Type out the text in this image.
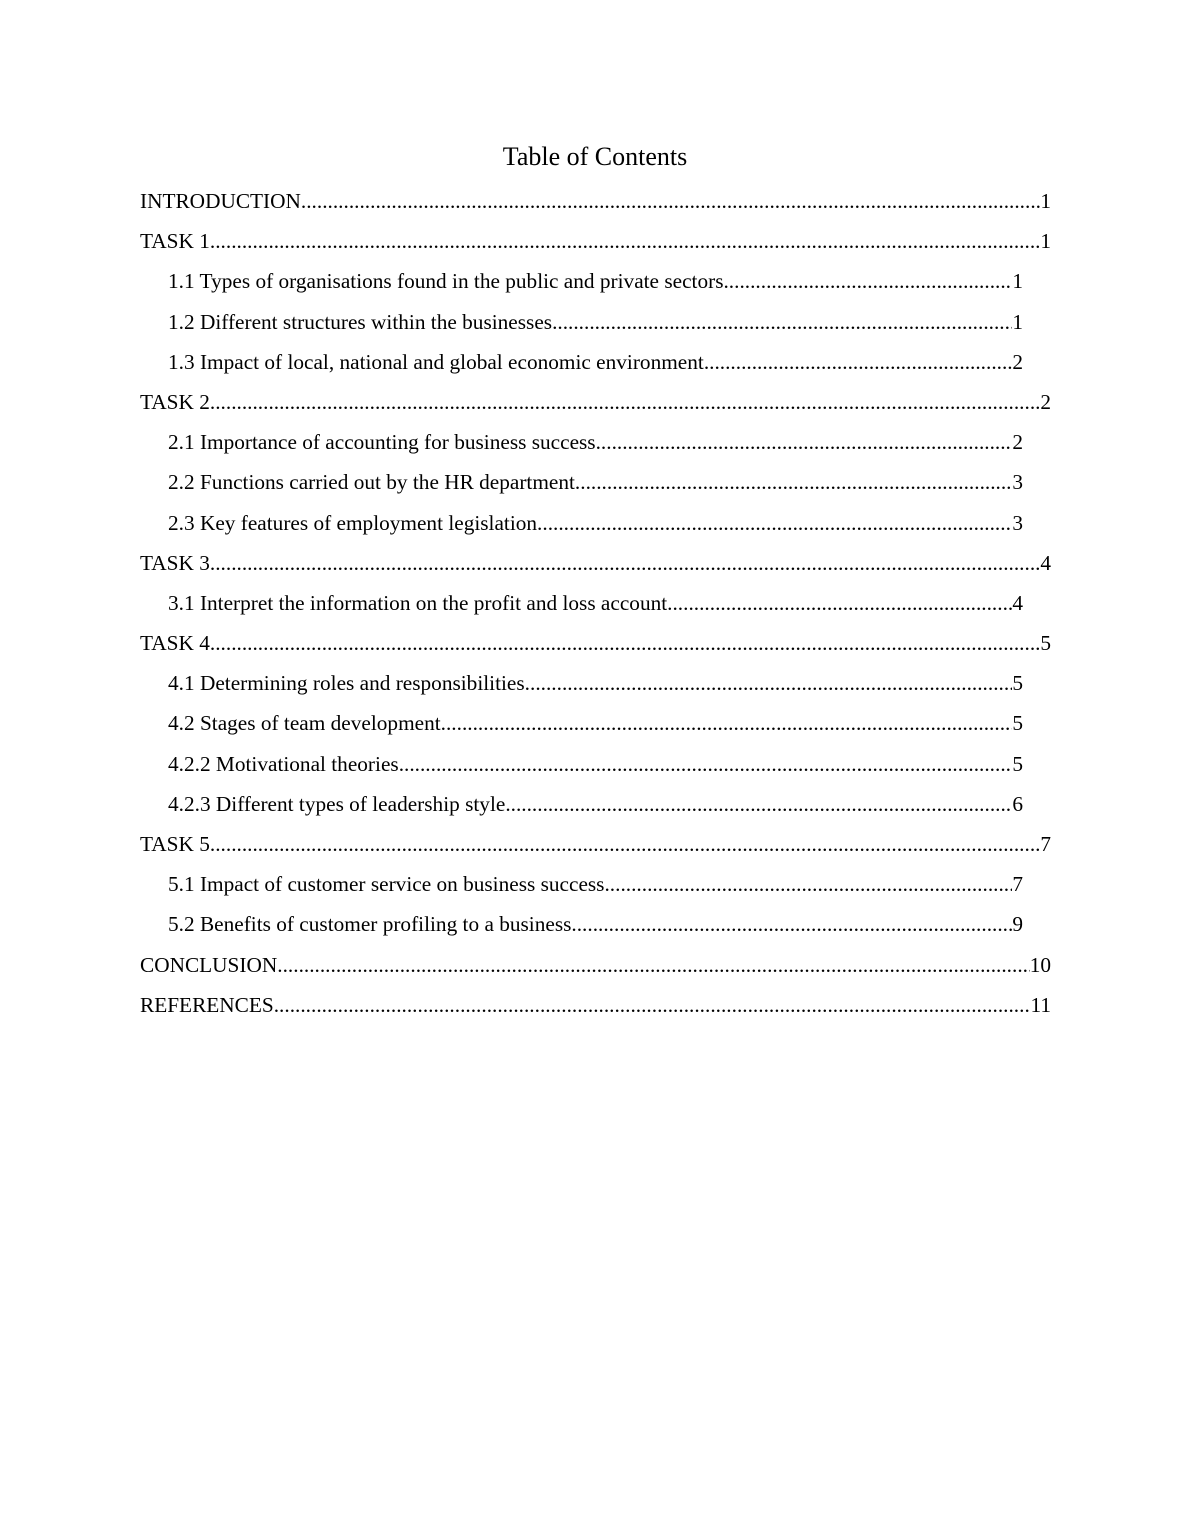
Table of Contents
INTRODUCTION .....	1
TASK 1 .....	1
1.1 Types of organisations found in the public and private sectors .....	1
1.2 Different structures within the businesses .....	1
1.3 Impact of local, national and global economic environment .....	2
TASK 2 .....	2
2.1 Importance of accounting for business success .....	2
2.2 Functions carried out by the HR department .....	3
2.3 Key features of employment legislation .....	3
TASK 3 .....	4
3.1 Interpret the information on the profit and loss account .....	4
TASK 4 .....	5
4.1 Determining roles and responsibilities .....	5
4.2 Stages of team development .....	5
4.2.2 Motivational theories .....	5
4.2.3 Different types of leadership style .....	6
TASK 5 .....	7
5.1 Impact of customer service on business success .....	7
5.2 Benefits of customer profiling to a business .....	9
CONCLUSION .....	10
REFERENCES .....	11
